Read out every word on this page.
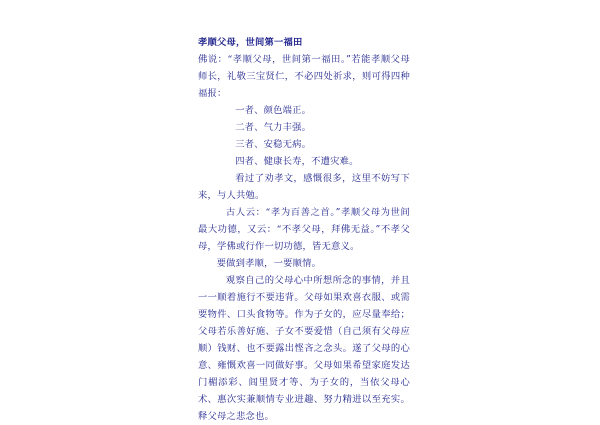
孝顺父母，世间第一福田

佛说：“孝顺父母，世间第一福田。”若能孝顺父母师长，礼敬三宝贤仁，不必四处祈求，则可得四种福报：

一者、颜色端正。

二者、气力丰强。

三者、安稳无病。

四者、健康长寿，不遭灾难。

看过了劝孝文，感慨很多，这里不妨写下来，与人共勉。

古人云：“孝为百善之首。”孝顺父母为世间最大功德，又云：“不孝父母，拜佛无益。”不孝父母，学佛或行作一切功德，皆无意义。

要做到孝顺，一要顺情。

观察自己的父母心中所想所念的事情，并且一一顺着施行不要违背。父母如果欢喜衣服、或需要物件、口头食物等。作为子女的，应尽量奉给；父母若乐善好施、子女不要爱惜（自己须有父母应顺）钱财、也不要露出悭吝之念头。遂了父母的心意、雍慨欢喜一同做好事。父母如果希望家庭发达门楣添彩、闾里贤才等、为子女的，当依父母心术、惠次实兼顺情专业进趣、努力精进以至充实。释父母之悲念也。
